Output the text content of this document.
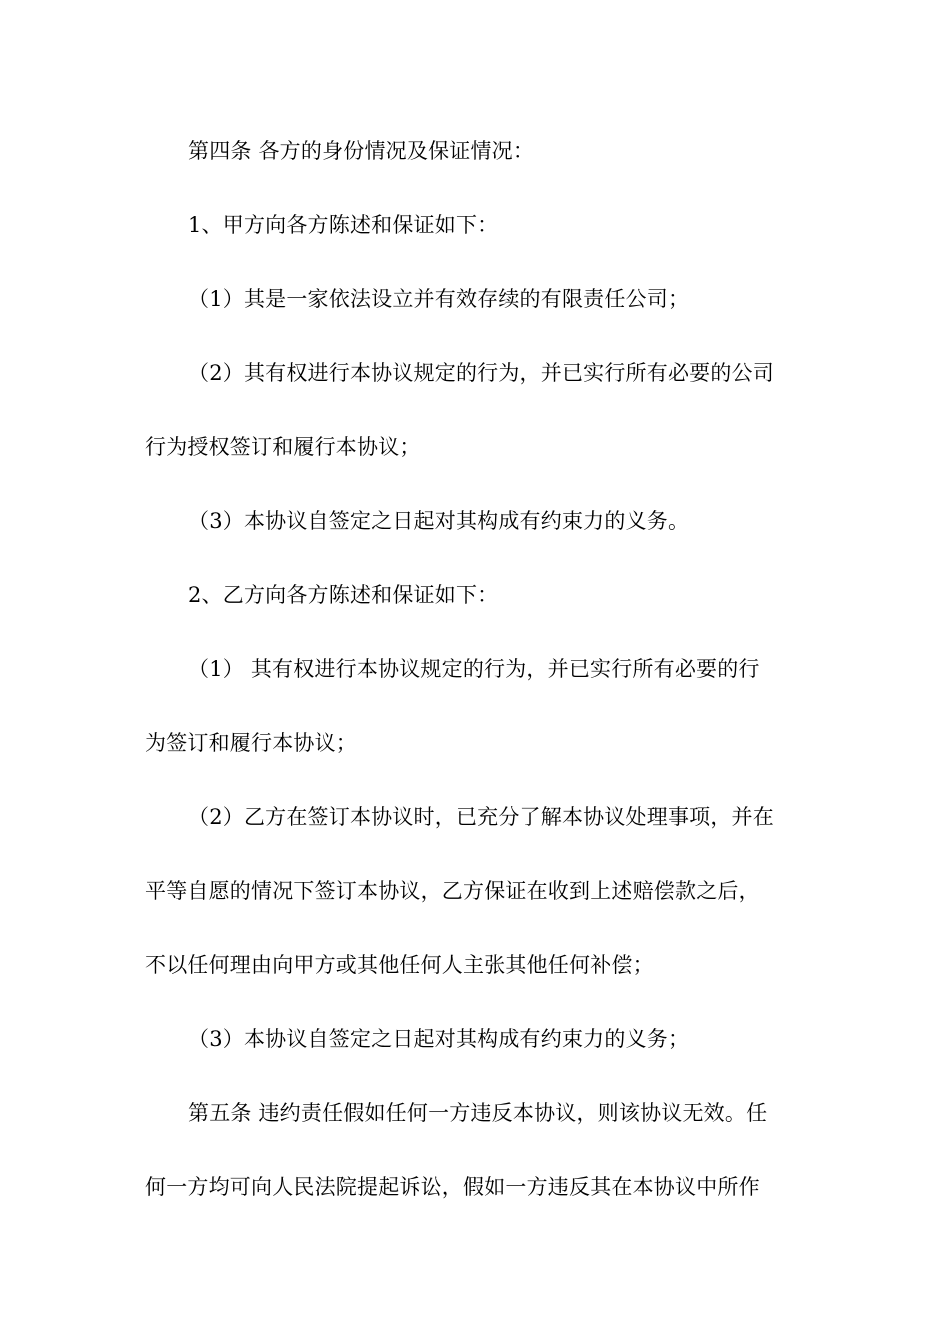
第四条 各方的身份情况及保证情况：
1、甲方向各方陈述和保证如下：
（1）其是一家依法设立并有效存续的有限责任公司；
（2）其有权进行本协议规定的行为，并已实行所有必要的公司
行为授权签订和履行本协议；
（3）本协议自签定之日起对其构成有约束力的义务。
2、乙方向各方陈述和保证如下：
（1） 其有权进行本协议规定的行为，并已实行所有必要的行
为签订和履行本协议；
（2）乙方在签订本协议时，已充分了解本协议处理事项，并在
平等自愿的情况下签订本协议，乙方保证在收到上述赔偿款之后，
不以任何理由向甲方或其他任何人主张其他任何补偿；
（3）本协议自签定之日起对其构成有约束力的义务；
第五条 违约责任假如任何一方违反本协议，则该协议无效。任
何一方均可向人民法院提起诉讼，假如一方违反其在本协议中所作
